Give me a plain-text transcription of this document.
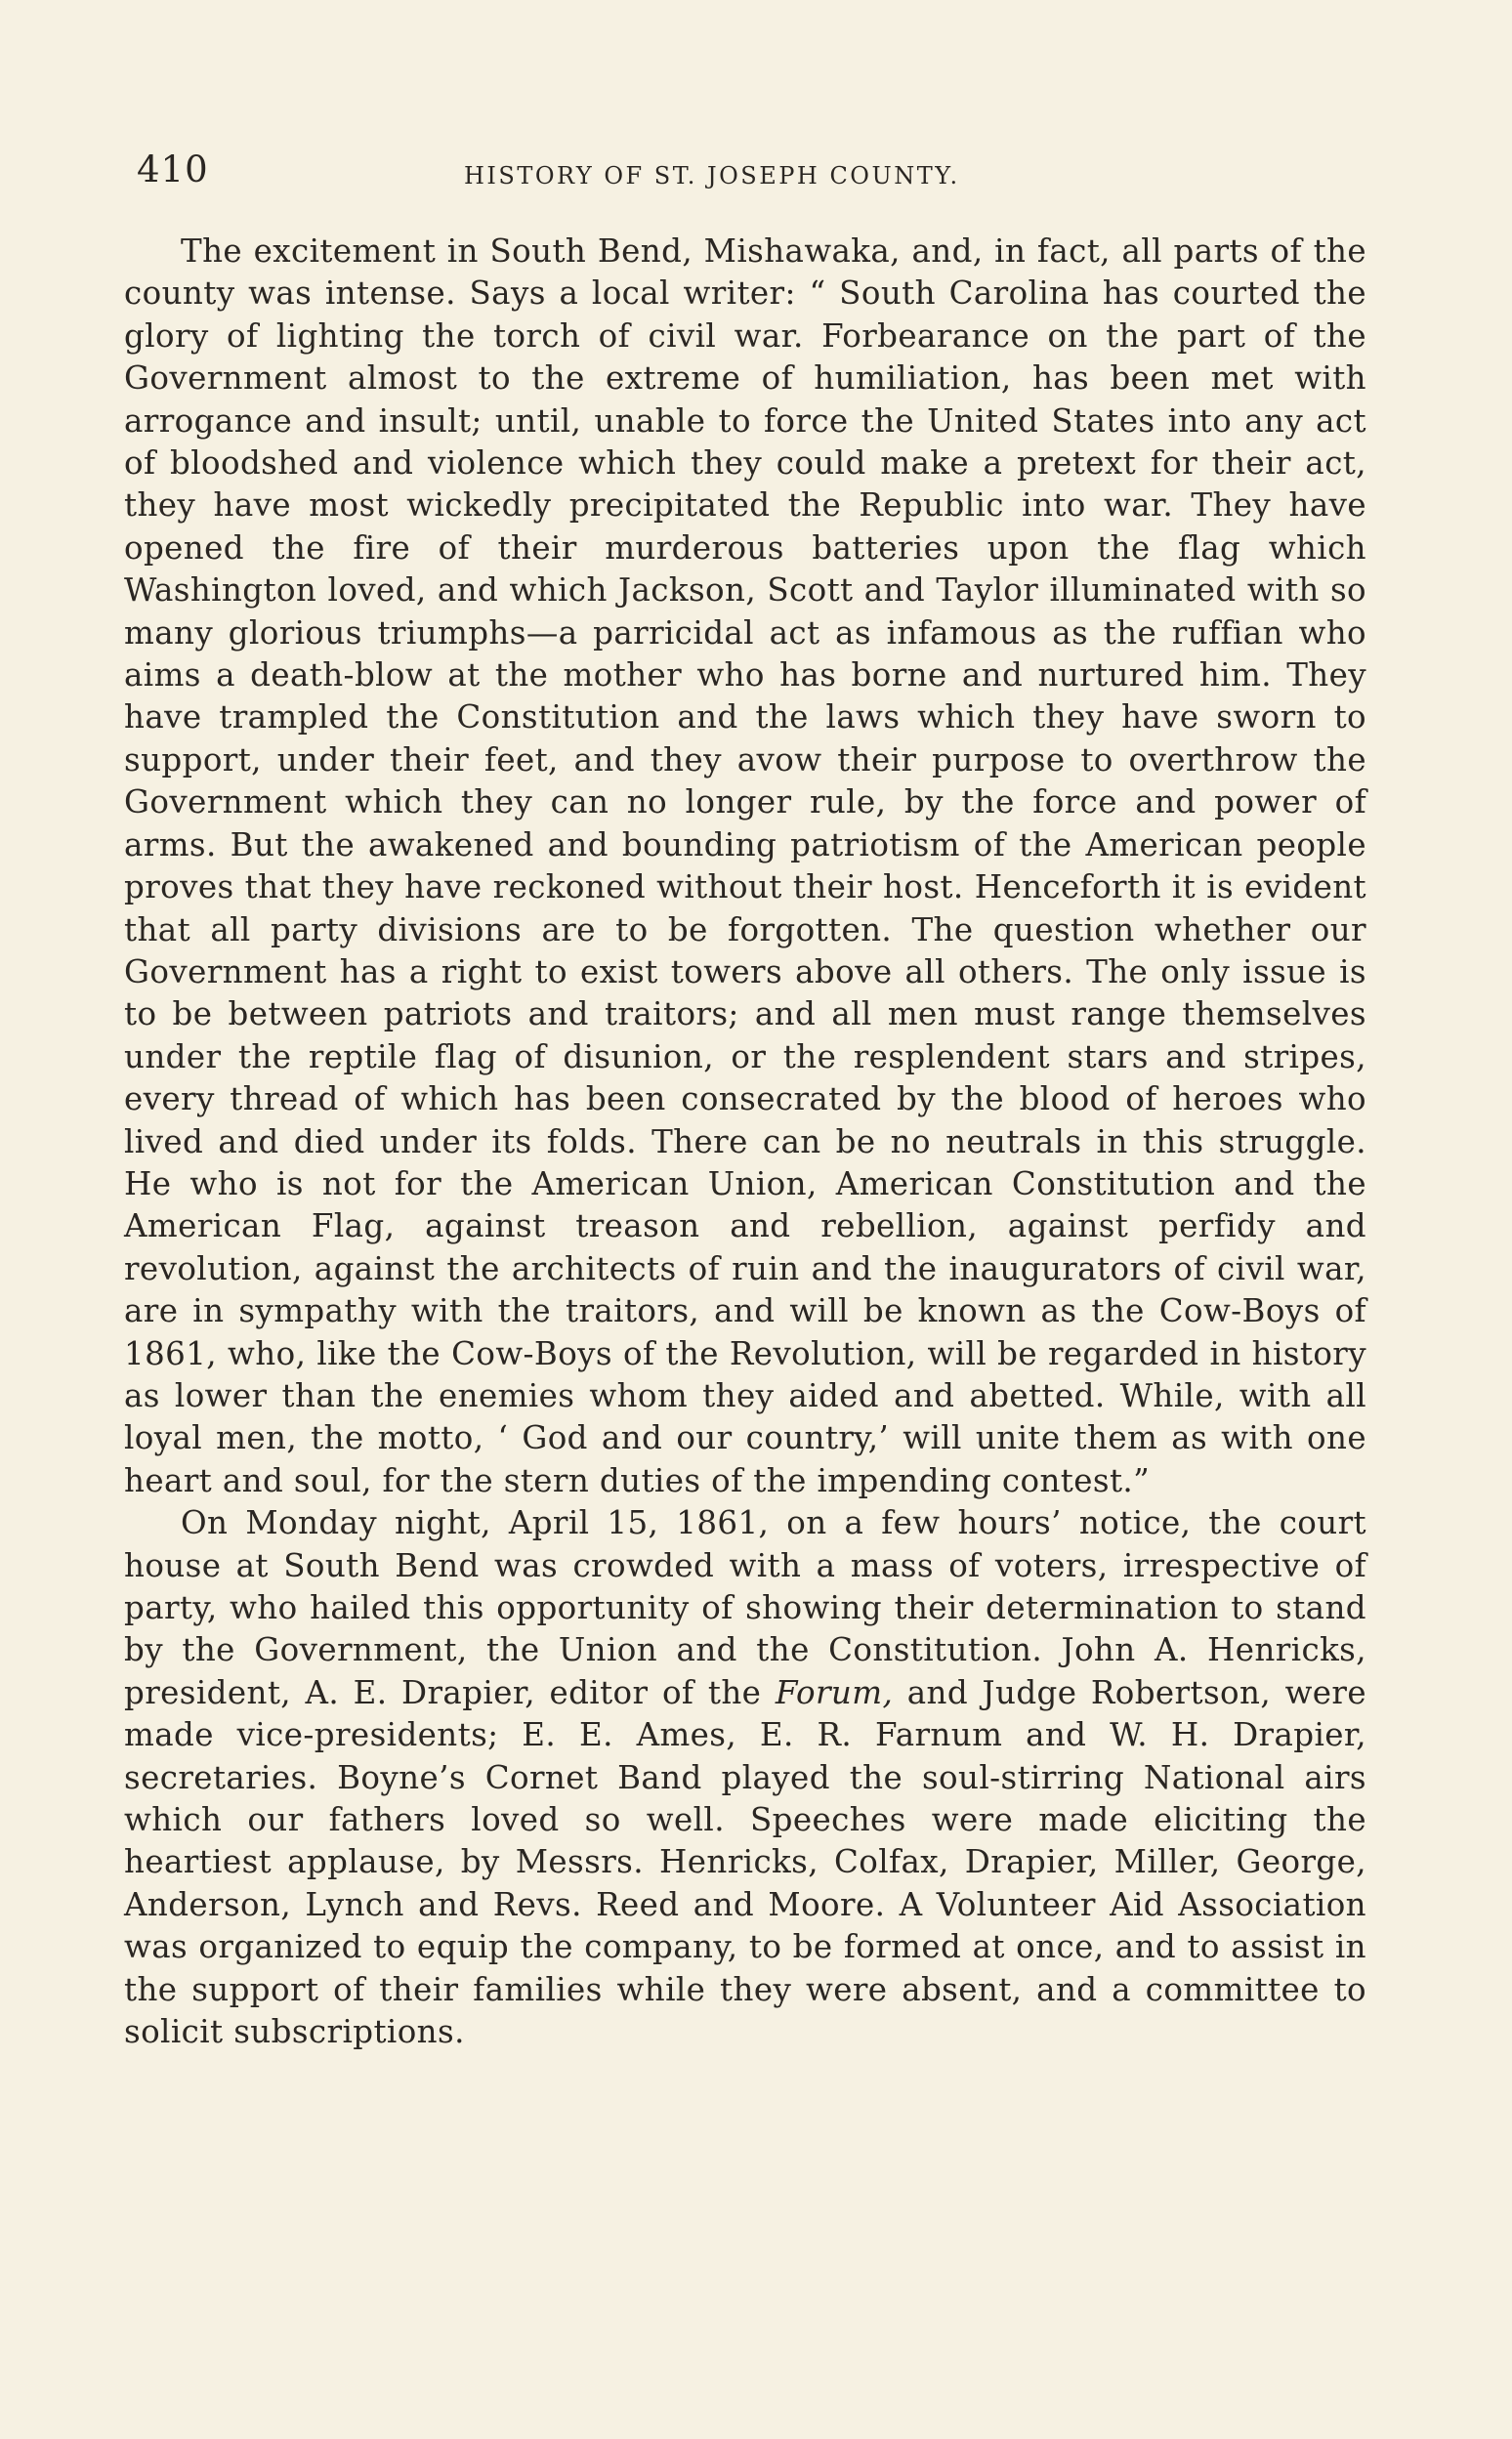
410	HISTORY OF ST. JOSEPH COUNTY.

The excitement in South Bend, Mishawaka, and, in fact, all parts of the county was intense. Says a local writer: “ South Carolina has courted the glory of lighting the torch of civil war. Forbearance on the part of the Government almost to the extreme of humiliation, has been met with arrogance and insult; until, unable to force the United States into any act of bloodshed and violence which they could make a pretext for their act, they have most wickedly precipitated the Republic into war. They have opened the fire of their murderous batteries upon the flag which Washington loved, and which Jackson, Scott and Taylor illuminated with so many glorious triumphs—a parricidal act as infamous as the ruffian who aims a death-blow at the mother who has borne and nurtured him. They have trampled the Constitution and the laws which they have sworn to support, under their feet, and they avow their purpose to overthrow the Government which they can no longer rule, by the force and power of arms. But the awakened and bounding patriotism of the American people proves that they have reckoned without their host. Henceforth it is evident that all party divisions are to be forgotten. The question whether our Government has a right to exist towers above all others. The only issue is to be between patriots and traitors; and all men must range themselves under the reptile flag of disunion, or the resplendent stars and stripes, every thread of which has been consecrated by the blood of heroes who lived and died under its folds. There can be no neutrals in this struggle. He who is not for the American Union, American Constitution and the American Flag, against treason and rebellion, against perfidy and revolution, against the architects of ruin and the inaugurators of civil war, are in sympathy with the traitors, and will be known as the Cow-Boys of 1861, who, like the Cow-Boys of the Revolution, will be regarded in history as lower than the enemies whom they aided and abetted. While, with all loyal men, the motto, ‘ God and our country,’ will unite them as with one heart and soul, for the stern duties of the impending contest.”

On Monday night, April 15, 1861, on a few hours’ notice, the court house at South Bend was crowded with a mass of voters, irrespective of party, who hailed this opportunity of showing their determination to stand by the Government, the Union and the Constitution. John A. Henricks, president, A. E. Drapier, editor of the Forum, and Judge Robertson, were made vice-presidents; E. E. Ames, E. R. Farnum and W. H. Drapier, secretaries. Boyne’s Cornet Band played the soul-stirring National airs which our fathers loved so well. Speeches were made eliciting the heartiest applause, by Messrs. Henricks, Colfax, Drapier, Miller, George, Anderson, Lynch and Revs. Reed and Moore. A Volunteer Aid Association was organized to equip the company, to be formed at once, and to assist in the support of their families while they were absent, and a committee to solicit subscriptions.
